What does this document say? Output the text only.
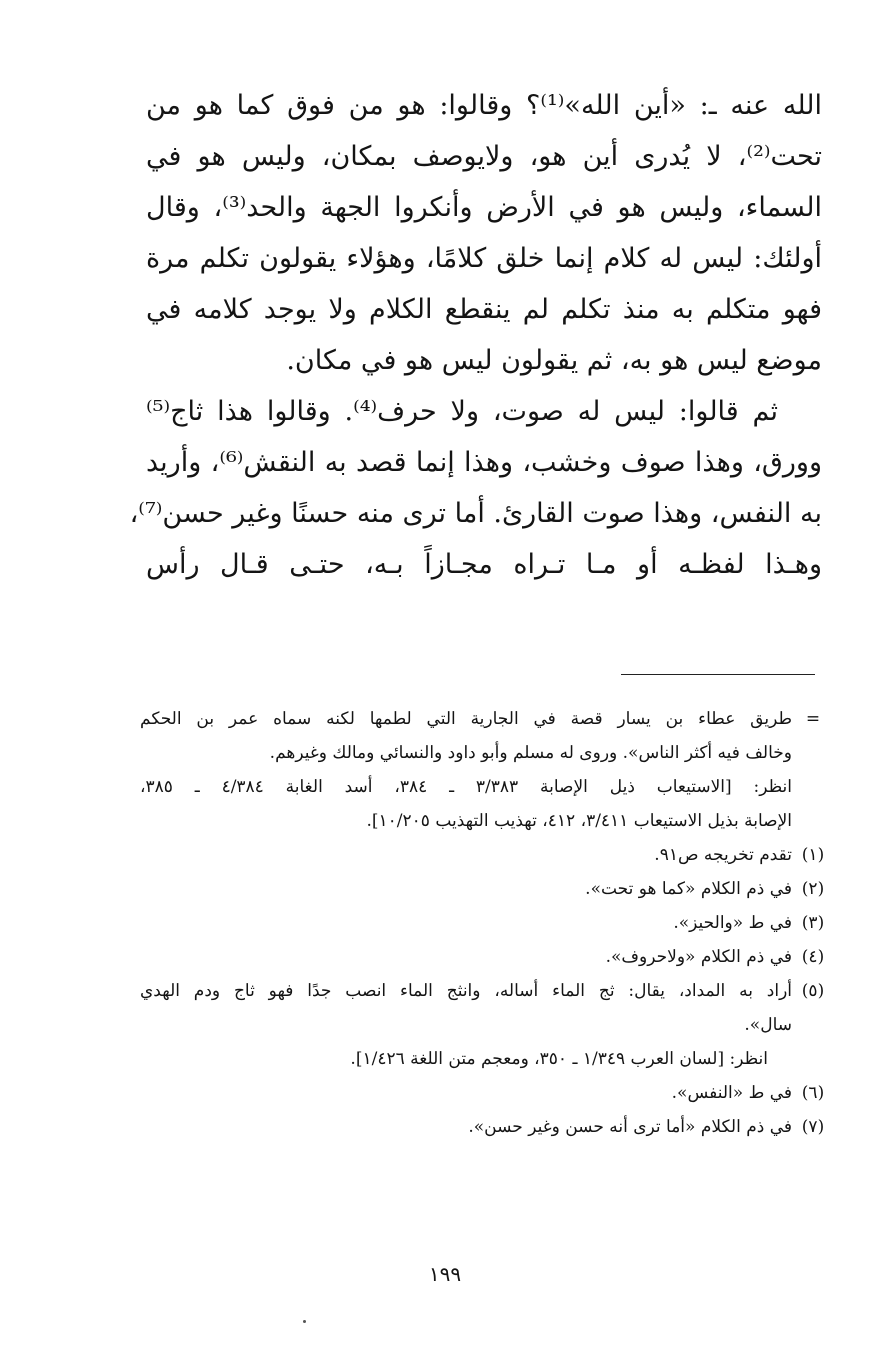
الله عنه ـ: «أين الله»⁽¹⁾؟ وقالوا: هو من فوق كما هو من
تحت⁽²⁾، لا يُدرى أين هو، ولايوصف بمكان، وليس هو في
السماء، وليس هو في الأرض وأنكروا الجهة والحد⁽³⁾، وقال
أولئك: ليس له كلام إنما خلق كلامًا، وهؤلاء يقولون تكلم مرة
فهو متكلم به منذ تكلم لم ينقطع الكلام ولا يوجد كلامه في
موضع ليس هو به، ثم يقولون ليس هو في مكان.
ثم قالوا: ليس له صوت، ولا حرف⁽⁴⁾. وقالوا هذا ثاج⁽⁵⁾
وورق، وهذا صوف وخشب، وهذا إنما قصد به النقش⁽⁶⁾، وأريد
به النفس، وهذا صوت القارئ. أما ترى منه حسنًا وغير حسن⁽⁷⁾،
وهـذا لفظـه أو مـا تـراه مجـازاً بـه، حتـى قـال رأس
=
طريق عطاء بن يسار قصة في الجارية التي لطمها لكنه سماه عمر بن الحكم
وخالف فيه أكثر الناس». وروى له مسلم وأبو داود والنسائي ومالك وغيرهم.
انظر: [الاستيعاب ذيل الإصابة ٣/٣٨٣ ـ ٣٨٤، أسد الغابة ٤/٣٨٤ ـ ٣٨٥،
الإصابة بذيل الاستيعاب ٣/٤١١، ٤١٢، تهذيب التهذيب ١٠/٢٠٥].
(١)
تقدم تخريجه ص٩١.
(٢)
في ذم الكلام «كما هو تحت».
(٣)
في ط «والحيز».
(٤)
في ذم الكلام «ولاحروف».
(٥)
أراد به المداد، يقال: ثج الماء أساله، وانثج الماء انصب جدًا فهو ثاج ودم الهدي
سال».
انظر: [لسان العرب ١/٣٤٩ ـ ٣٥٠، ومعجم متن اللغة ١/٤٢٦].
(٦)
في ط «النفس».
(٧)
في ذم الكلام «أما ترى أنه حسن وغير حسن».
١٩٩
